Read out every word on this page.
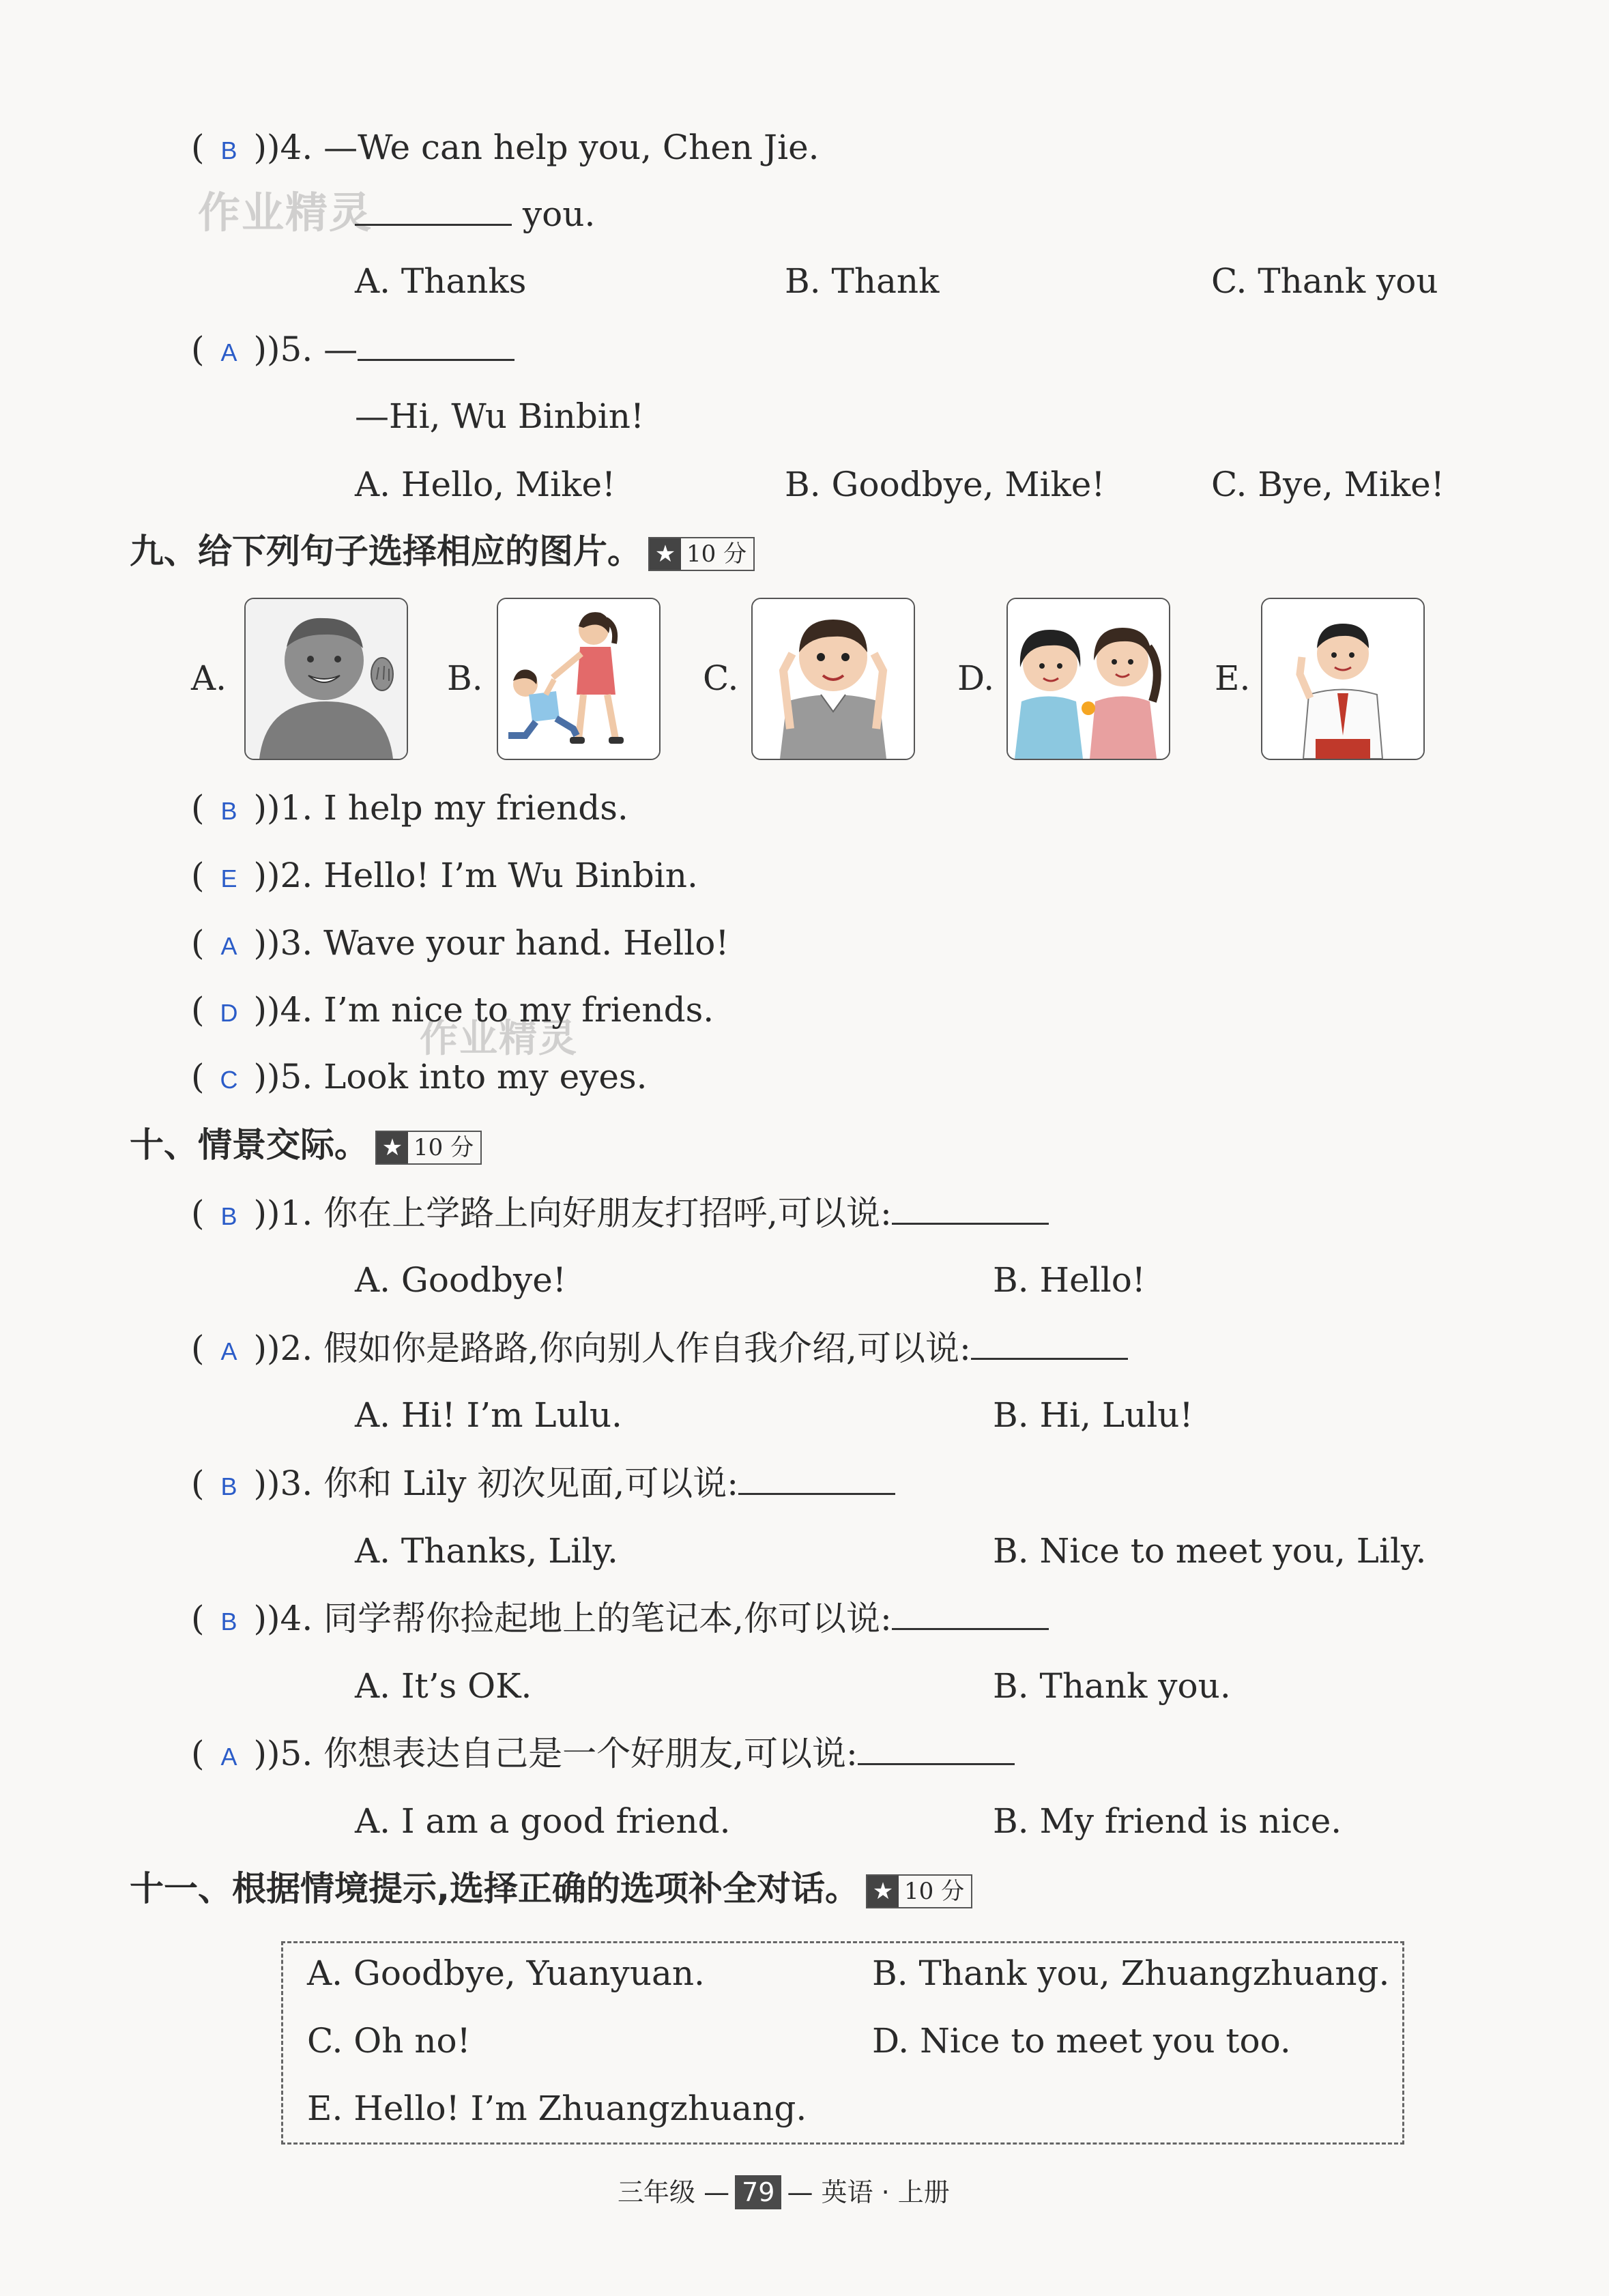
作业精灵
作业精灵
( B ))4. —We can help you, Chen Jie.
you.
A. Thanks	B. Thank	C. Thank you
( A ))5. —
—Hi, Wu Binbin!
A. Hello, Mike!	B. Goodbye, Mike!	C. Bye, Mike!
九、给下列句子选择相应的图片。 ★ 10 分
A.	B.	C.	D.	E.
( B ))1. I help my friends.
( E ))2. Hello! I’m Wu Binbin.
( A ))3. Wave your hand. Hello!
( D ))4. I’m nice to my friends.
( C ))5. Look into my eyes.
十、情景交际。 ★ 10 分
( B ))1. 你在上学路上向好朋友打招呼,可以说:
A. Goodbye!	B. Hello!
( A ))2. 假如你是路路,你向别人作自我介绍,可以说:
A. Hi! I’m Lulu.	B. Hi, Lulu!
( B ))3. 你和 Lily 初次见面,可以说:
A. Thanks, Lily.	B. Nice to meet you, Lily.
( B ))4. 同学帮你捡起地上的笔记本,你可以说:
A. It’s OK.	B. Thank you.
( A ))5. 你想表达自己是一个好朋友,可以说:
A. I am a good friend.	B. My friend is nice.
十一、根据情境提示,选择正确的选项补全对话。 ★ 10 分
A. Goodbye, Yuanyuan.	B. Thank you, Zhuangzhuang.
C. Oh no!	D. Nice to meet you too.
E. Hello! I’m Zhuangzhuang.
三年级 — 79 — 英语 · 上册
